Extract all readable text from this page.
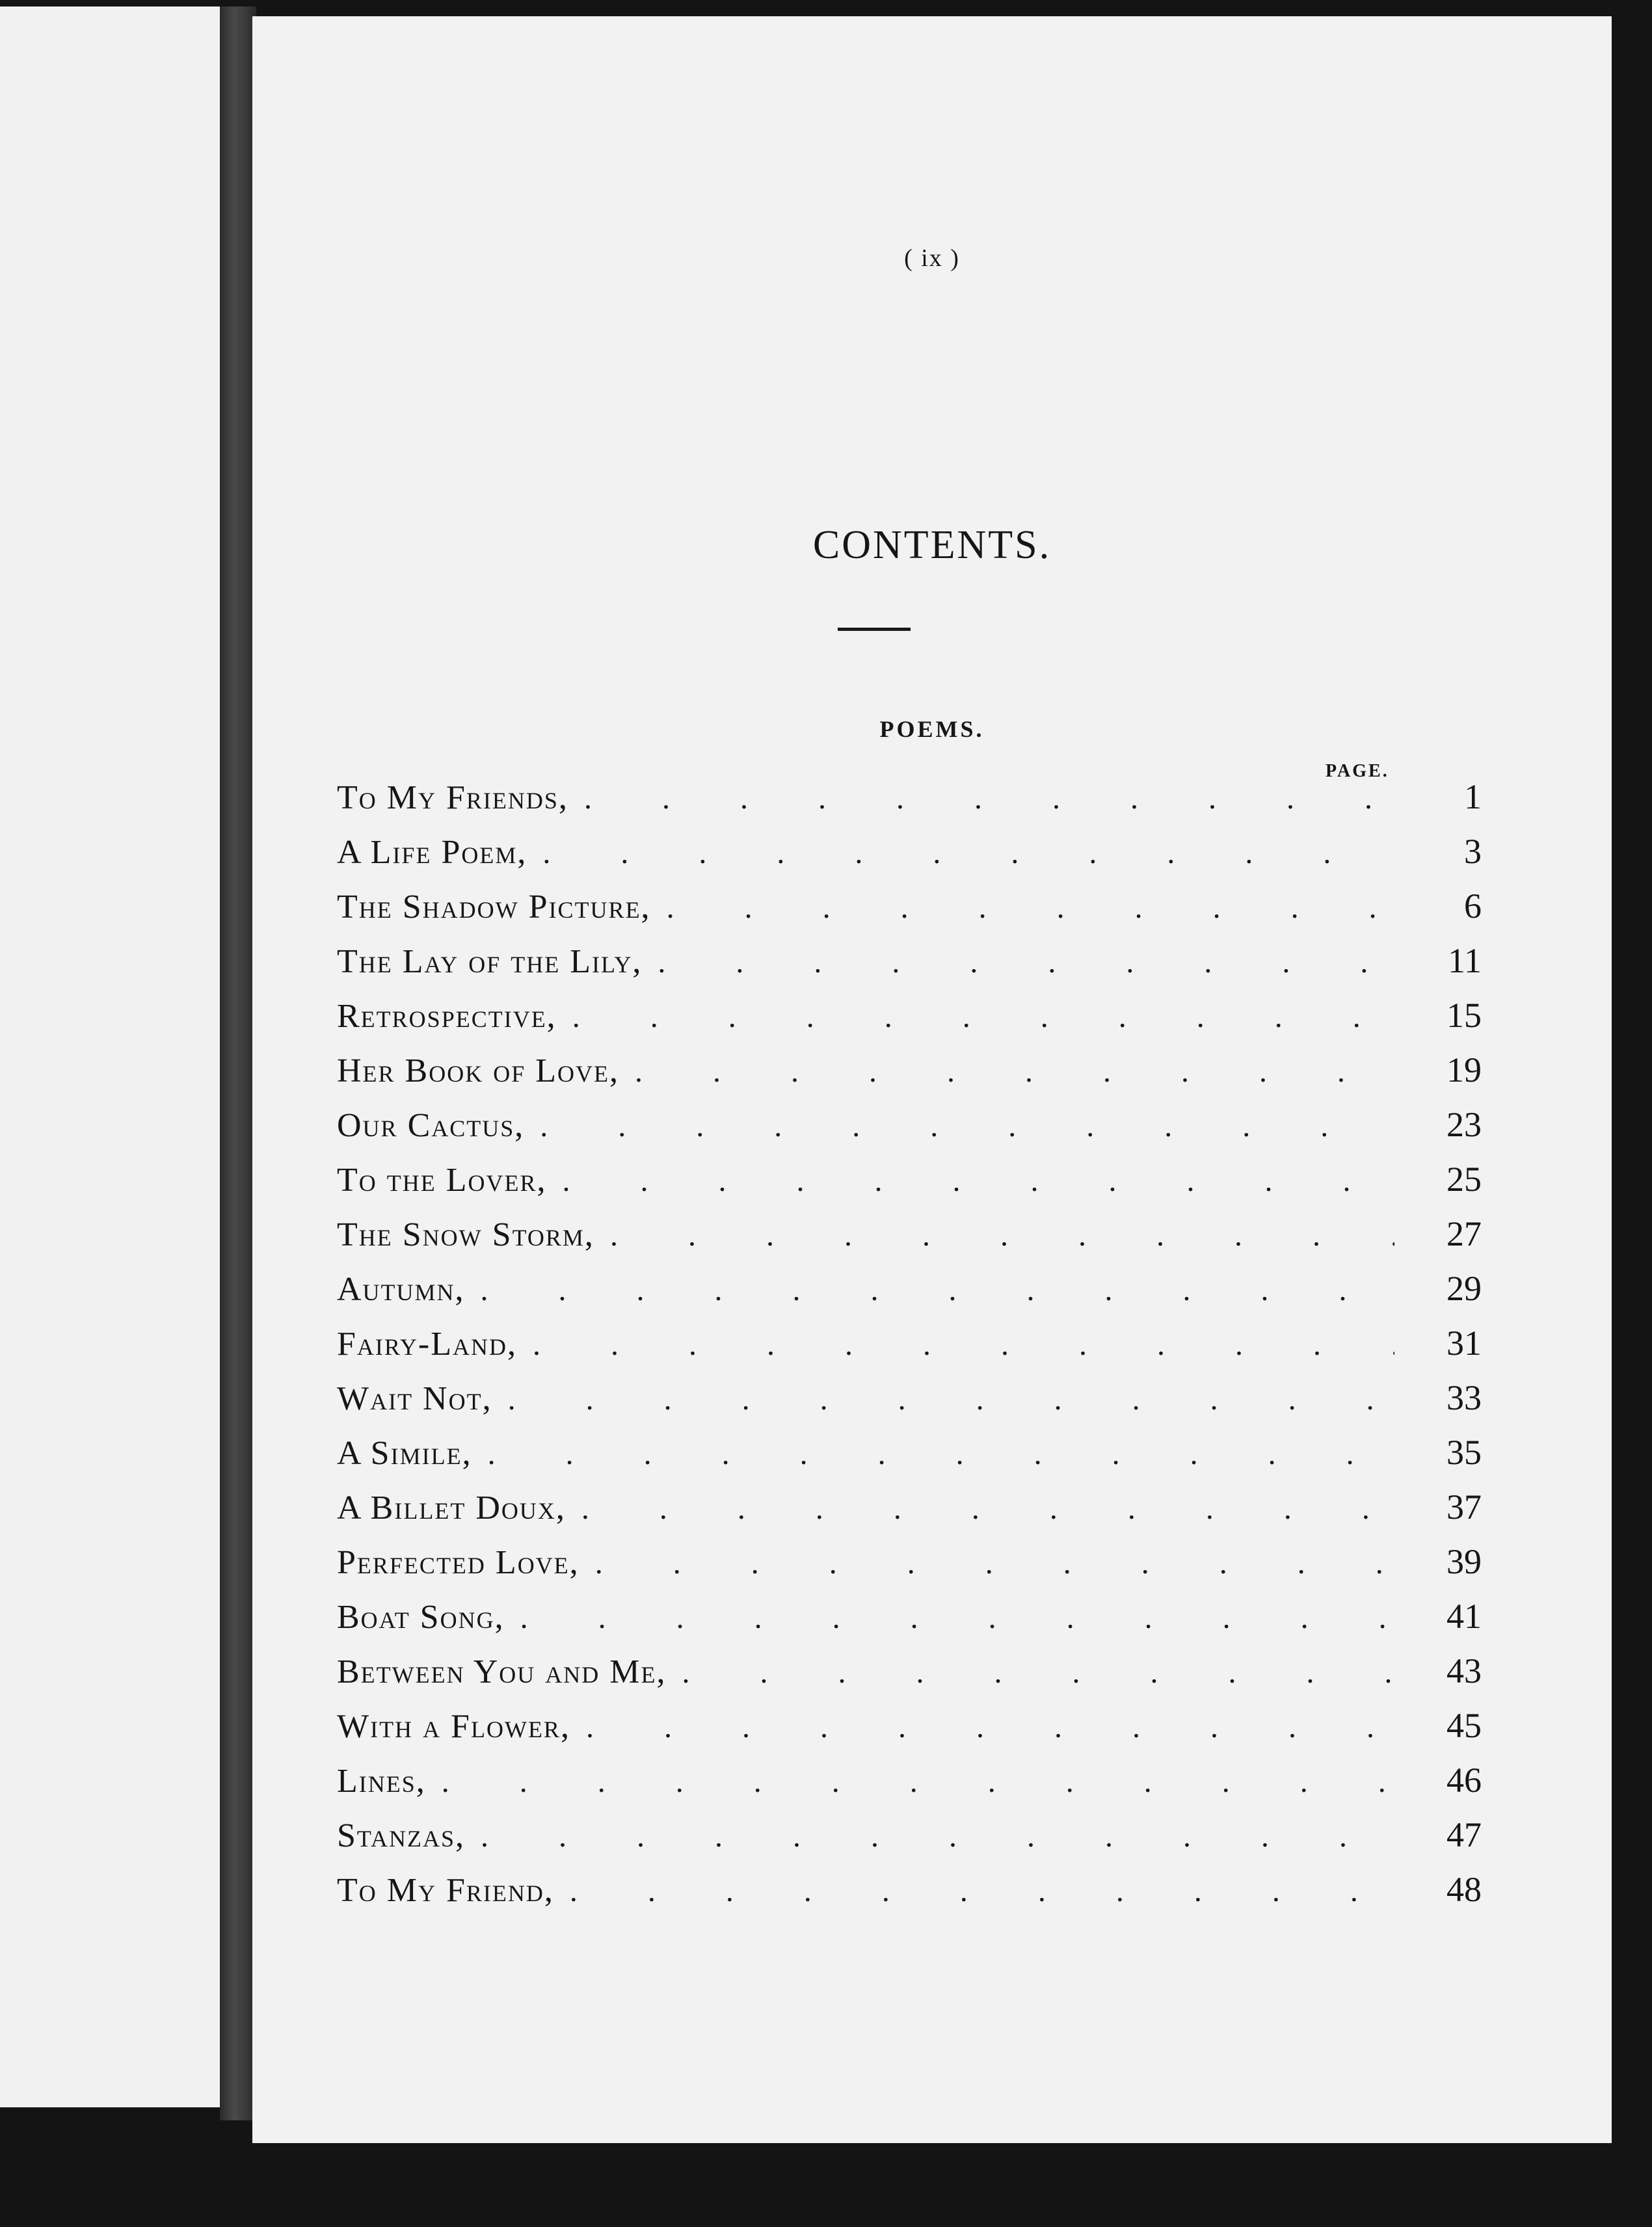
( ix )
CONTENTS.
POEMS.
PAGE.
To My Friends, .	1
A Life Poem, .	3
The Shadow Picture, .	6
The Lay of the Lily, .	11
Retrospective, .	15
Her Book of Love, .	19
Our Cactus, .	23
To the Lover, .	25
The Snow Storm, .	27
Autumn, .	29
Fairy-Land, .	31
Wait Not, .	33
A Simile, .	35
A Billet Doux, .	37
Perfected Love, .	39
Boat Song, .	41
Between You and Me, .	43
With a Flower, .	45
Lines, .	46
Stanzas, .	47
To My Friend, .	48
